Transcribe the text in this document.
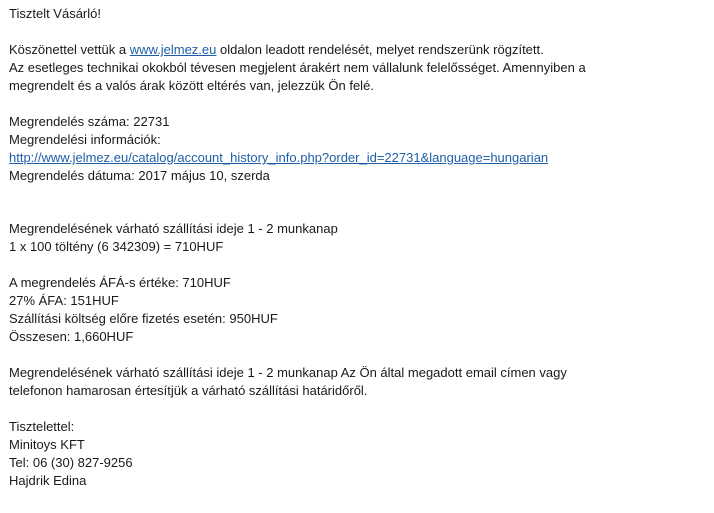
Tisztelt Vásárló!
Köszönettel vettük a www.jelmez.eu oldalon leadott rendelését, melyet rendszerünk rögzített.
Az esetleges technikai okokból tévesen megjelent árakért nem vállalunk felelősséget. Amennyiben a
megrendelt és a valós árak között eltérés van, jelezzük Ön felé.
Megrendelés száma: 22731
Megrendelési információk:
http://www.jelmez.eu/catalog/account_history_info.php?order_id=22731&language=hungarian
Megrendelés dátuma: 2017 május 10, szerda
Megrendelésének várható szállítási ideje 1 - 2 munkanap
1 x 100 töltény (6 342309) = 710HUF
A megrendelés ÁFÁ-s értéke: 710HUF
27% ÁFA: 151HUF
Szállítási költség előre fizetés esetén: 950HUF
Összesen: 1,660HUF
Megrendelésének várható szállítási ideje 1 - 2 munkanap Az Ön által megadott email címen vagy
telefonon hamarosan értesítjük a várható szállítási határidőről.
Tisztelettel:
Minitoys KFT
Tel: 06 (30) 827-9256
Hajdrik Edina
